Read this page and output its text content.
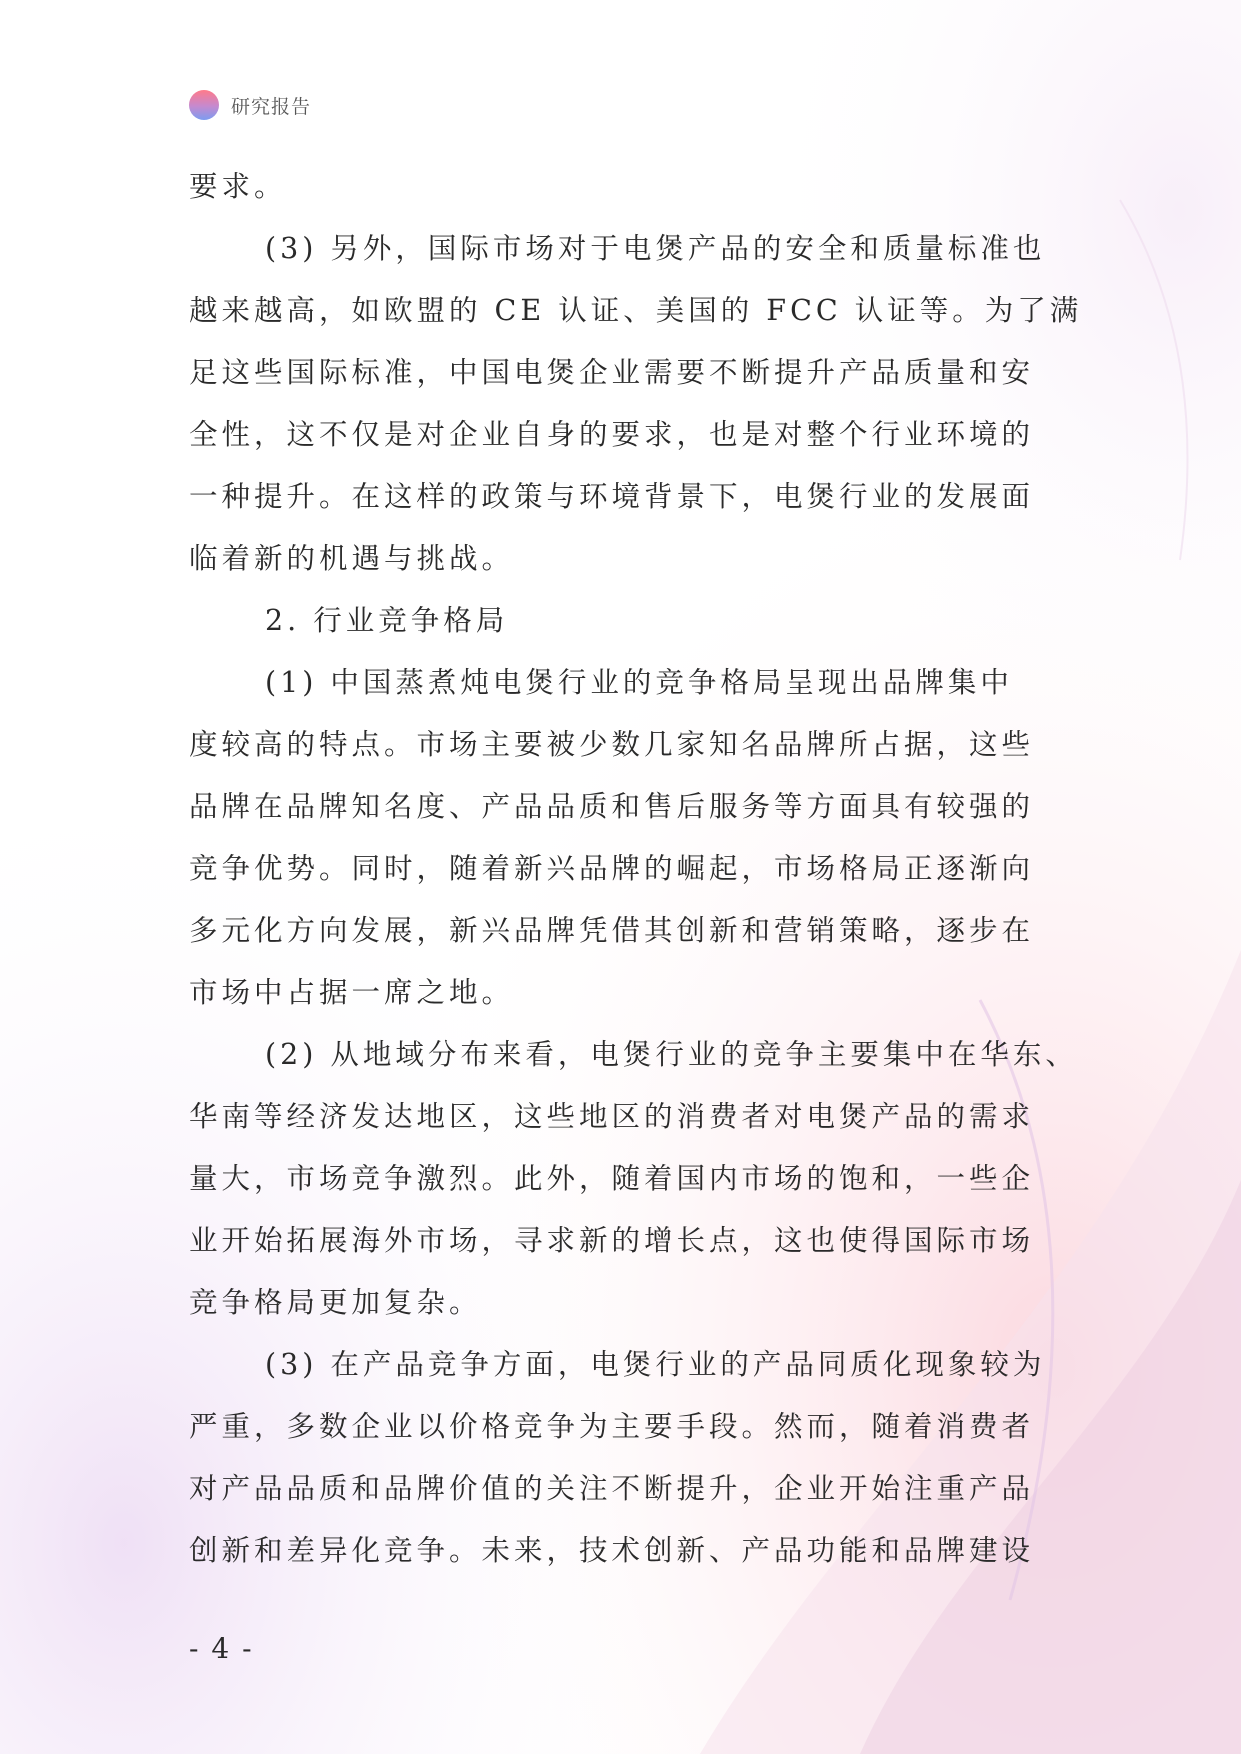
研究报告
要求。
(3) 另外，国际市场对于电煲产品的安全和质量标准也
越来越高，如欧盟的 CE 认证、美国的 FCC 认证等。为了满
足这些国际标准，中国电煲企业需要不断提升产品质量和安
全性，这不仅是对企业自身的要求，也是对整个行业环境的
一种提升。在这样的政策与环境背景下，电煲行业的发展面
临着新的机遇与挑战。
2. 行业竞争格局
(1) 中国蒸煮炖电煲行业的竞争格局呈现出品牌集中
度较高的特点。市场主要被少数几家知名品牌所占据，这些
品牌在品牌知名度、产品品质和售后服务等方面具有较强的
竞争优势。同时，随着新兴品牌的崛起，市场格局正逐渐向
多元化方向发展，新兴品牌凭借其创新和营销策略，逐步在
市场中占据一席之地。
(2) 从地域分布来看，电煲行业的竞争主要集中在华东、
华南等经济发达地区，这些地区的消费者对电煲产品的需求
量大，市场竞争激烈。此外，随着国内市场的饱和，一些企
业开始拓展海外市场，寻求新的增长点，这也使得国际市场
竞争格局更加复杂。
(3) 在产品竞争方面，电煲行业的产品同质化现象较为
严重，多数企业以价格竞争为主要手段。然而，随着消费者
对产品品质和品牌价值的关注不断提升，企业开始注重产品
创新和差异化竞争。未来，技术创新、产品功能和品牌建设
- 4 -
